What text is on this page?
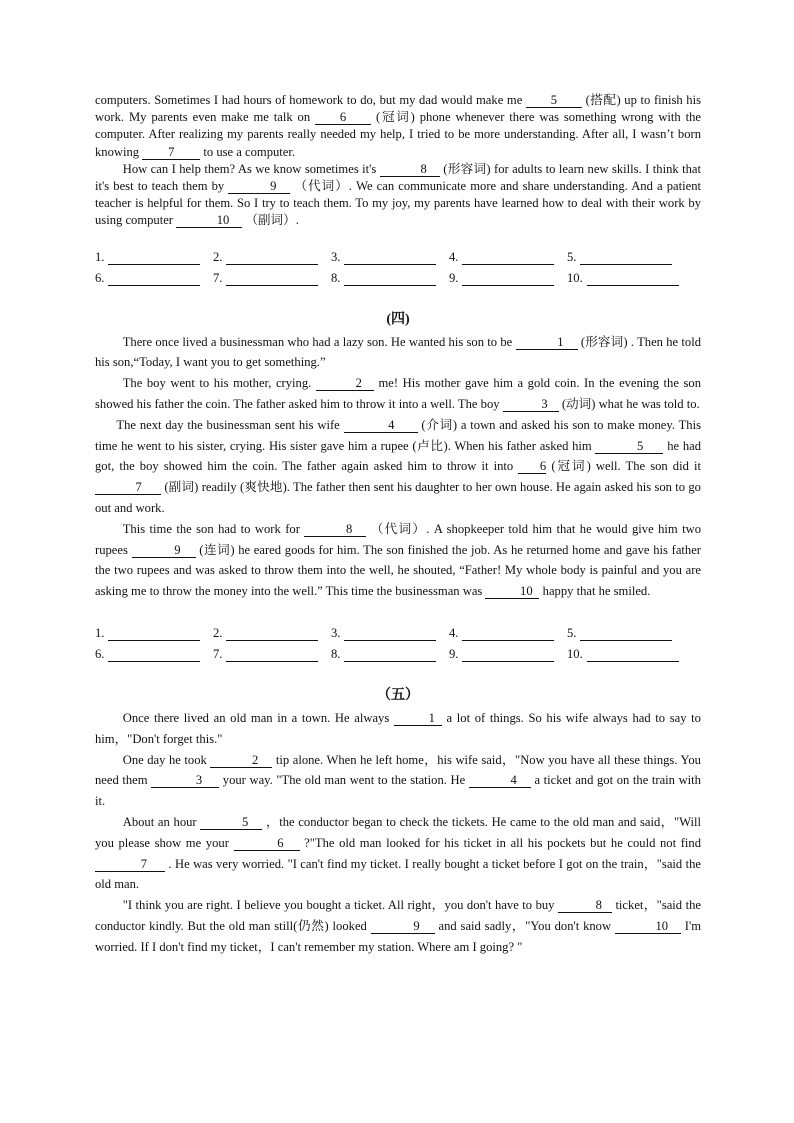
computers. Sometimes I had hours of homework to do, but my dad would make me 5 (搭配) up to finish his work. My parents even make me talk on 6 (冠词) phone whenever there was something wrong with the computer. After realizing my parents really needed my help, I tried to be more understanding. After all, I wasn’t born knowing 7 to use a computer.

How can I help them? As we know sometimes it's	8 (形容词) for adults to learn new skills. I think that it's best to teach them by	9 （代词）. We can communicate more and share understanding. And a patient teacher is helpful for them. So I try to teach them. To my joy, my parents have learned how to deal with their work by using computer	10 （副词）.

1.	2.	3.	4.	5.
6.	7.	8.	9.	10.

(四)

There once lived a businessman who had a lazy son. He wanted his son to be	1 (形容词) . Then he told his son,“Today, I want you to get something.”

The boy went to his mother, crying.	2 me! His mother gave him a gold coin. In the evening the son showed his father the coin. The father asked him to throw it into a well. The boy	3 (动词) what he was told to.

The next day the businessman sent his wife	4 (介词) a town and asked his son to make money. This time he went to his sister, crying. His sister gave him a rupee (卢比). When his father asked him	5 he had got, the boy showed him the coin. The father again asked him to throw it into 6 (冠词) well. The son did it 7 (副词) readily (爽快地). The father then sent his daughter to her own house. He again asked his son to go out and work.

This time the son had to work for	8 （代词）. A shopkeeper told him that he would give him two rupees	9 (连词) he eared goods for him. The son finished the job. As he returned home and gave his father the two rupees and was asked to throw them into the well, he shouted, “Father! My whole body is painful and you are asking me to throw the money into the well.” This time the businessman was	10 happy that he smiled.

1.	2.	3.	4.	5.
6.	7.	8.	9.	10.

（五）

Once there lived an old man in a town. He always	1 a lot of things. So his wife always had to say to him，"Don't forget this."

One day he took	2 tip alone. When he left home，his wife said，"Now you have all these things. You need them	3 your way. "The old man went to the station. He	4 a ticket and got on the train with it.

About an hour	5 ，the conductor began to check the tickets. He came to the old man and said，"Will you please show me your	6 ?"The old man looked for his ticket in all his pockets but he could not find 7 . He was very worried. "I can't find my ticket. I really bought a ticket before I got on the train，"said the old man.

"I think you are right. I believe you bought a ticket. All right，you don't have to buy	8 ticket，"said the conductor kindly. But the old man still(仍然) looked	9 and said sadly，"You don't know	10 I'm worried. If I don't find my ticket，I can't remember my station. Where am I going? "
